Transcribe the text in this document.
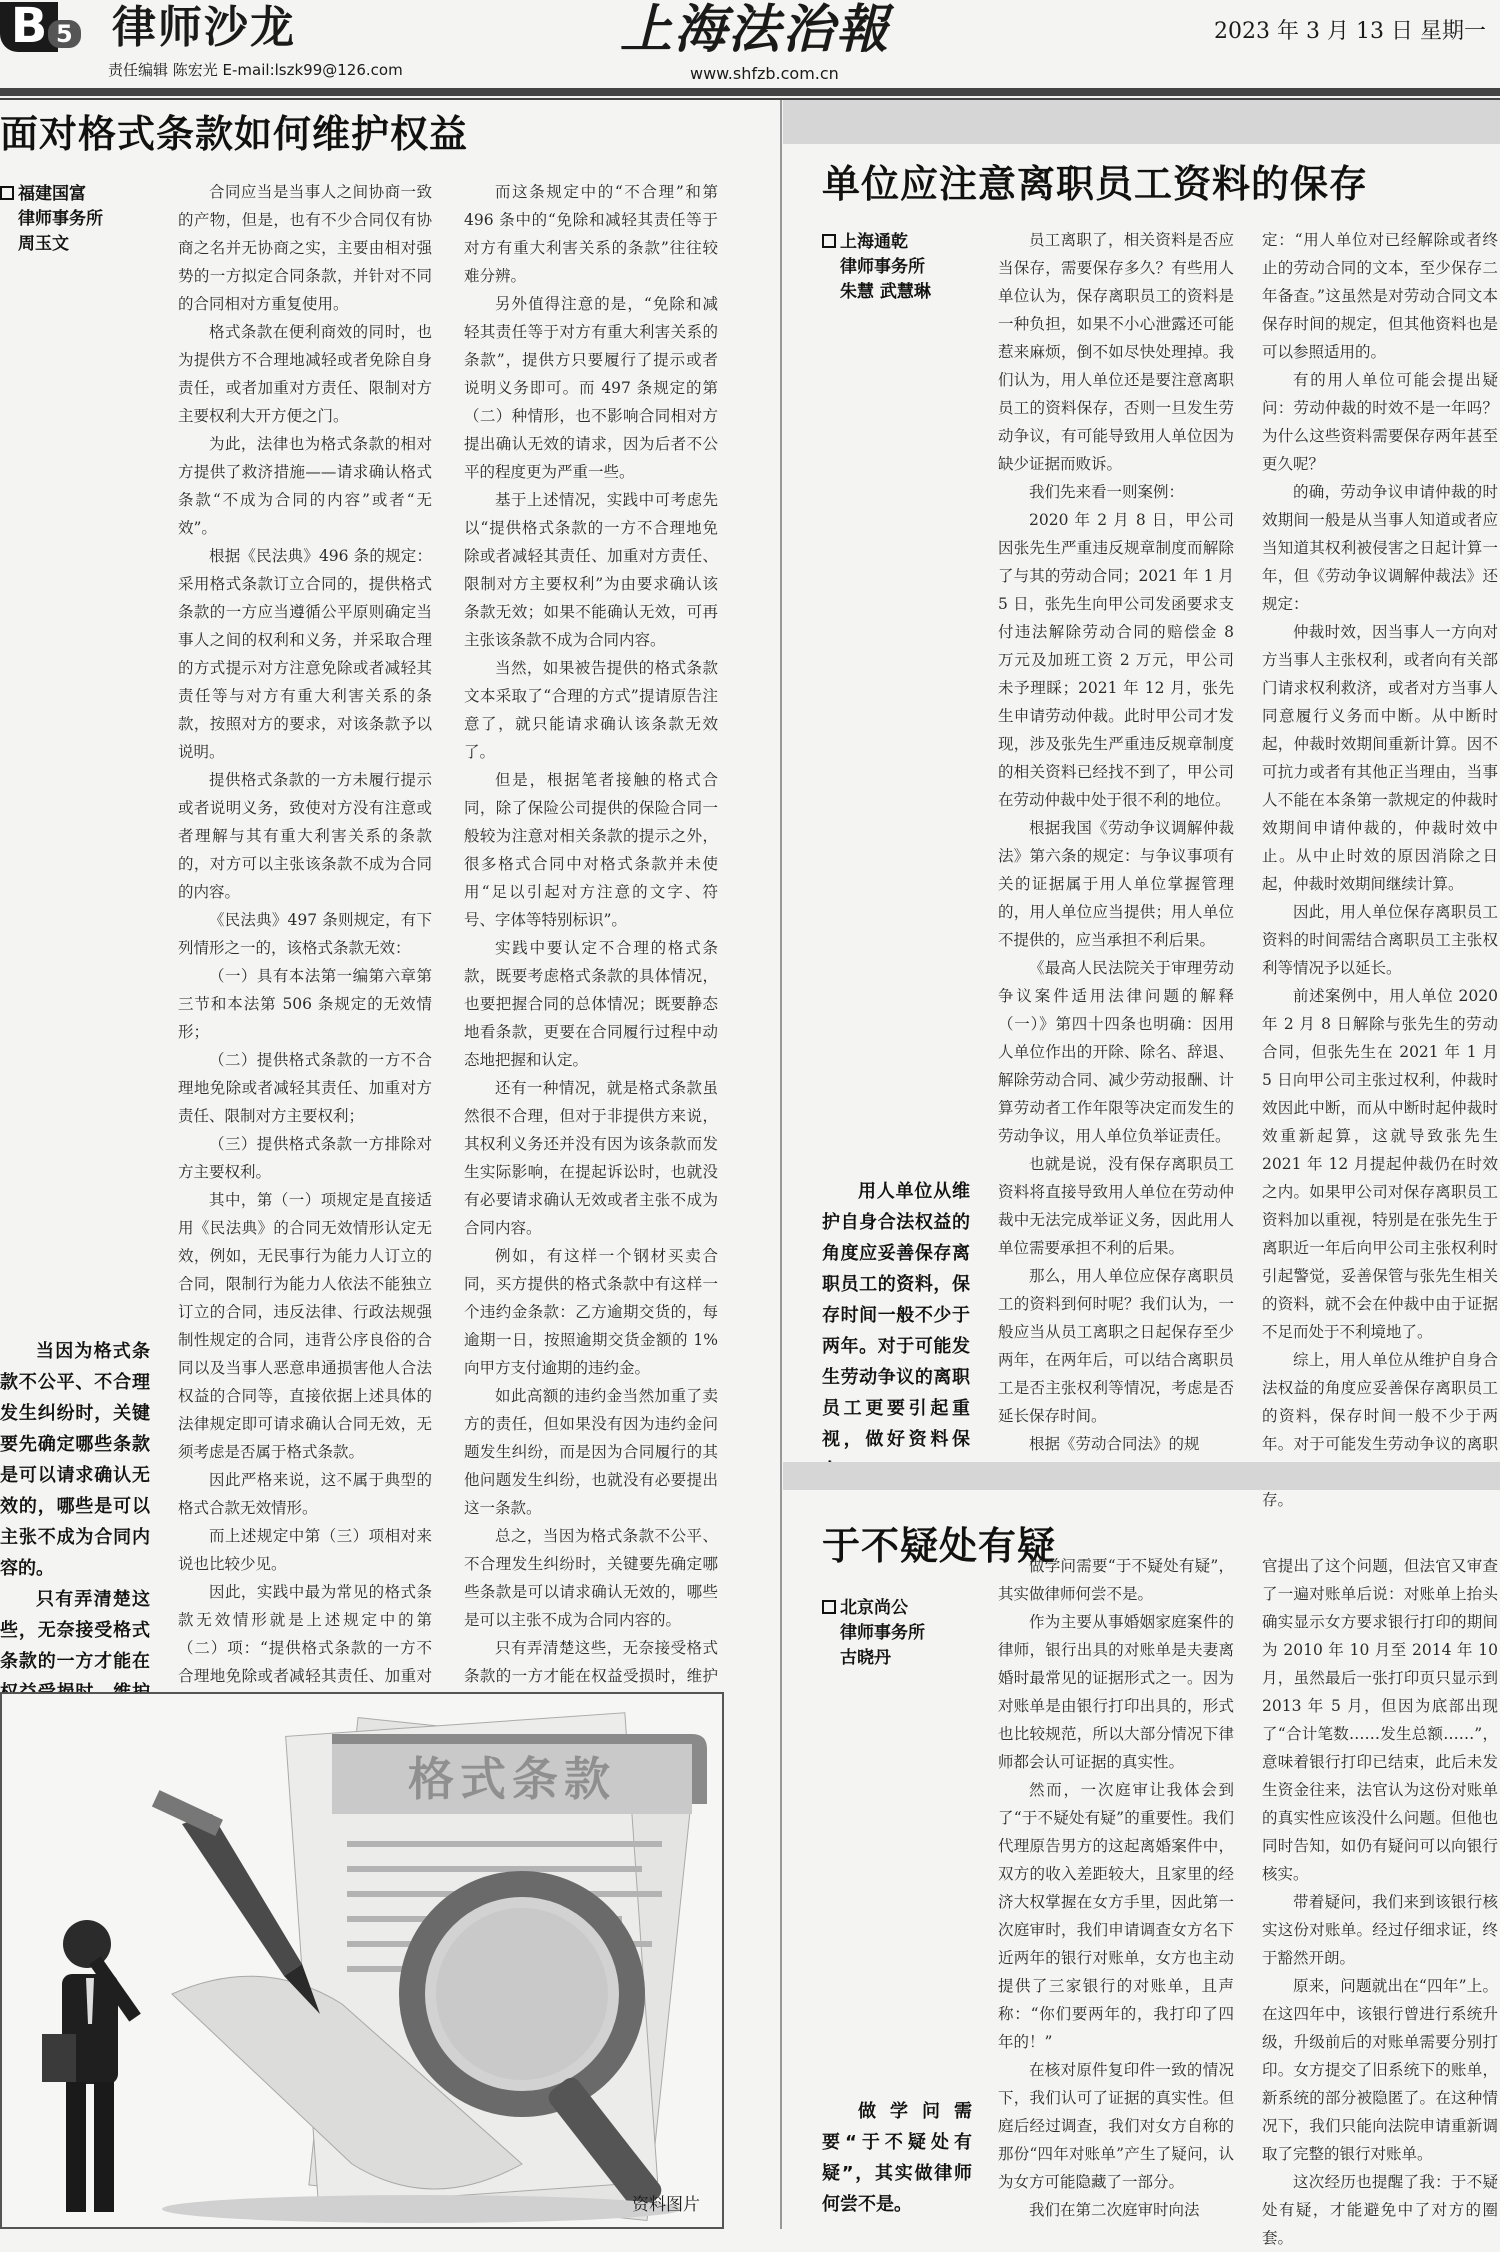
B 5 律师沙龙
责任编辑 陈宏光 E-mail:lszk99@126.com
上海法治報
www.shfzb.com.cn
2023 年 3 月 13 日 星期一
面对格式条款如何维护权益
福建国富
律师事务所
周玉文

当因为格式条款不公平、不合理发生纠纷时，关键要先确定哪些条款是可以请求确认无效的，哪些是可以主张不成为合同内容的。

只有弄清楚这些，无奈接受格式条款的一方才能在

合同应当是当事人之间协商一致的产物，但是，也有不少合同仅有协商之名并无协商之实，主要由相对强势的一方拟定合同条款，并针对不同的合同相对方重复使用。

格式条款在便利商效的同时，也为提供方不合理地减轻或者免除自身责任，或者加重对方责任、限制对方主要权利大开方便之门。

为此，法律也为格式条款的相对方提供了救济措施——请求确认格式条款“不成为合同的内容”或者“无效”。

根据《民法典》496 条的规定：采用格式条款订立合同的，提供格式条款的一方应当遵循公平原则确定当事人之间的权利和义务，并采取合理的方式提示对方注意免除或者减轻其责任等与对方有重大利害关系的条款，按照对方的要求，对该条款予以说明。

提供格式条款的一方未履行提示或者说明义务，致使对方没有注意或者理解与其有重大利害关系的条款的，对方可以主张该条款不成为合同的内容。

《民法典》497 条则规定，有下列情形之一的，该格式条款无效：

（一）具有本法第一编第六章第三节和本法第 506 条规定的无效情形；

（二）提供格式条款的一方不合理地免除或者减轻其责任、加重对方责任、限制对方主要权利；

（三）提供格式条款一方排除对方主要权利。

其中，第（一）项规定是直接适用《民法典》的合同无效情形认定无效，例如，无民事行为能力人订立的合同，限制行为能力人依法不能独立订立的合同，违反法律、行政法规强制性规定的合同，违背公序良俗的合同以及当事人恶意串通损害他人合法权益的合同等，直接依据上述具体的法律规定即可请求确认合同无效，无须考虑是否属于格式条款。

因此严格来说，这不属于典型的格式合款无效情形。

而上述规定中第（三）项相对来说也比较少见。

因此，实践中最为常见的格式条款无效情形就是上述规定中的第（二）项：“提供格式条款的一方不合理地免除或者减轻其责任、加重对

而这条规定中的“不合理”和第 496 条中的“免除和减轻其责任等于对方有重大利害关系的条款”往往较难分辨。

另外值得注意的是，“免除和减轻其责任等于对方有重大利害关系的条款”，提供方只要履行了提示或者说明义务即可。而 497 条规定的第（二）种情形，也不影响合同相对方提出确认无效的请求，因为后者不公平的程度更为严重一些。

基于上述情况，实践中可考虑先以“提供格式条款的一方不合理地免除或者减轻其责任、加重对方责任、限制对方主要权利”为由要求确认该条款无效；如果不能确认无效，可再主张该条款不成为合同内容。

当然，如果被告提供的格式条款文本采取了“合理的方式”提请原告注意了，就只能请求确认该条款无效了。

但是，根据笔者接触的格式合同，除了保险公司提供的保险合同一般较为注意对相关条款的提示之外，很多格式合同中对格式条款并未使用“足以引起对方注意的文字、符号、字体等特别标识”。

实践中要认定不合理的格式条款，既要考虑格式条款的具体情况，也要把握合同的总体情况；既要静态地看条款，更要在合同履行过程中动态地把握和认定。

还有一种情况，就是格式条款虽然很不合理，但对于非提供方来说，其权利义务还并没有因为该条款而发生实际影响，在提起诉讼时，也就没有必要请求确认无效或者主张不成为合同内容。

例如，有这样一个钢材买卖合同，买方提供的格式条款中有这样一个违约金条款：乙方逾期交货的，每逾期一日，按照逾期交货金额的 1%向甲方支付逾期的违约金。

如此高额的违约金当然加重了卖方的责任，但如果没有因为违约金问题发生纠纷，而是因为合同履行的其他问题发生纠纷，也就没有必要提出这一条款。

总之，当因为格式条款不公平、不合理发生纠纷时，关键要先确定哪些条款是可以请求确认无效的，哪些是可以主张不成为合同内容的。

只有弄清楚这些，无奈接受格式条款的一方才能在权益受损时，维护

格式条款
资料图片
单位应注意离职员工资料的保存
上海通乾
律师事务所
朱慧 武慧琳

用人单位从维护自身合法权益的角度应妥善保存离职员工的资料，保存时间一般不少于两年。对于可能发生劳动争议的离职员工更要引起重视，做好资料保

员工离职了，相关资料是否应当保存，需要保存多久？有些用人单位认为，保存离职员工的资料是一种负担，如果不小心泄露还可能惹来麻烦，倒不如尽快处理掉。我们认为，用人单位还是要注意离职员工的资料保存，否则一旦发生劳动争议，有可能导致用人单位因为缺少证据而败诉。

我们先来看一则案例：

2020 年 2 月 8 日，甲公司因张先生严重违反规章制度而解除了与其的劳动合同；2021 年 1 月 5 日，张先生向甲公司发函要求支付违法解除劳动合同的赔偿金 8 万元及加班工资 2 万元，甲公司未予理睬；2021 年 12 月，张先生申请劳动仲裁。此时甲公司才发现，涉及张先生严重违反规章制度的相关资料已经找不到了，甲公司在劳动仲裁中处于很不利的地位。

根据我国《劳动争议调解仲裁法》第六条的规定：与争议事项有关的证据属于用人单位掌握管理的，用人单位应当提供；用人单位不提供的，应当承担不利后果。

《最高人民法院关于审理劳动争议案件适用法律问题的解释（一）》第四十四条也明确：因用人单位作出的开除、除名、辞退、解除劳动合同、减少劳动报酬、计算劳动者工作年限等决定而发生的劳动争议，用人单位负举证责任。

也就是说，没有保存离职员工资料将直接导致用人单位在劳动仲裁中无法完成举证义务，因此用人单位需要承担不利的后果。

那么，用人单位应保存离职员工的资料到何时呢？我们认为，一般应当从员工离职之日起保存至少两年，在两年后，可以结合离职员工是否主张权利等情况，考虑是否延长保存时间。

根据《劳动合同法》的规

定：“用人单位对已经解除或者终止的劳动合同的文本，至少保存二年备查。”这虽然是对劳动合同文本保存时间的规定，但其他资料也是可以参照适用的。

有的用人单位可能会提出疑问：劳动仲裁的时效不是一年吗？为什么这些资料需要保存两年甚至更久呢？

的确，劳动争议申请仲裁的时效期间一般是从当事人知道或者应当知道其权利被侵害之日起计算一年，但《劳动争议调解仲裁法》还规定：

仲裁时效，因当事人一方向对方当事人主张权利，或者向有关部门请求权利救济，或者对方当事人同意履行义务而中断。从中断时起，仲裁时效期间重新计算。因不可抗力或者有其他正当理由，当事人不能在本条第一款规定的仲裁时效期间申请仲裁的，仲裁时效中止。从中止时效的原因消除之日起，仲裁时效期间继续计算。

因此，用人单位保存离职员工资料的时间需结合离职员工主张权利等情况予以延长。

前述案例中，用人单位 2020 年 2 月 8 日解除与张先生的劳动合同，但张先生在 2021 年 1 月 5 日向甲公司主张过权利，仲裁时效因此中断，而从中断时起仲裁时效重新起算，这就导致张先生 2021 年 12 月提起仲裁仍在时效之内。如果甲公司对保存离职员工资料加以重视，特别是在张先生于离职近一年后向甲公司主张权利时引起警觉，妥善保管与张先生相关的资料，就不会在仲裁中由于证据不足而处于不利境地了。

综上，用人单位从维护自身合法权益的角度应妥善保存离职员工的资料，保存时间一般不少于两年。对于可能发生劳动争议的离职 存。

于不疑处有疑
北京尚公
律师事务所
古晓丹

做学问需要“于不疑处有疑”，其实做律师何尝不是。

做学问需要“于不疑处有疑”，其实做律师何尝不是。

作为主要从事婚姻家庭案件的律师，银行出具的对账单是夫妻离婚时最常见的证据形式之一。因为对账单是由银行打印出具的，形式也比较规范，所以大部分情况下律师都会认可证据的真实性。

然而，一次庭审让我体会到了“于不疑处有疑”的重要性。我们代理原告男方的这起离婚案件中，双方的收入差距较大，且家里的经济大权掌握在女方手里，因此第一次庭审时，我们申请调查女方名下近两年的银行对账单，女方也主动提供了三家银行的对账单，且声称：“你们要两年的，我打印了四年的！”

在核对原件复印件一致的情况下，我们认可了证据的真实性。但庭后经过调查，我们对女方自称的那份“四年对账单”产生了疑问，认为女方可能隐藏了一部分。

我们在第二次庭审时向法

官提出了这个问题，但法官又审查了一遍对账单后说：对账单上抬头确实显示女方要求银行打印的期间为 2010 年 10 月至 2014 年 10 月，虽然最后一张打印页只显示到 2013 年 5 月，但因为底部出现了“合计笔数……发生总额……”，意味着银行打印已结束，此后未发生资金往来，法官认为这份对账单的真实性应该没什么问题。但他也同时告知，如仍有疑问可以向银行核实。

带着疑问，我们来到该银行核实这份对账单。经过仔细求证，终于豁然开朗。

原来，问题就出在“四年”上。在这四年中，该银行曾进行系统升级，升级前后的对账单需要分别打印。女方提交了旧系统下的账单，新系统的部分被隐匿了。在这种情况下，我们只能向法院申请重新调取了完整的银行对账单。

这次经历也提醒了我：于不疑处有疑，才能避免中了对方的圈套。
